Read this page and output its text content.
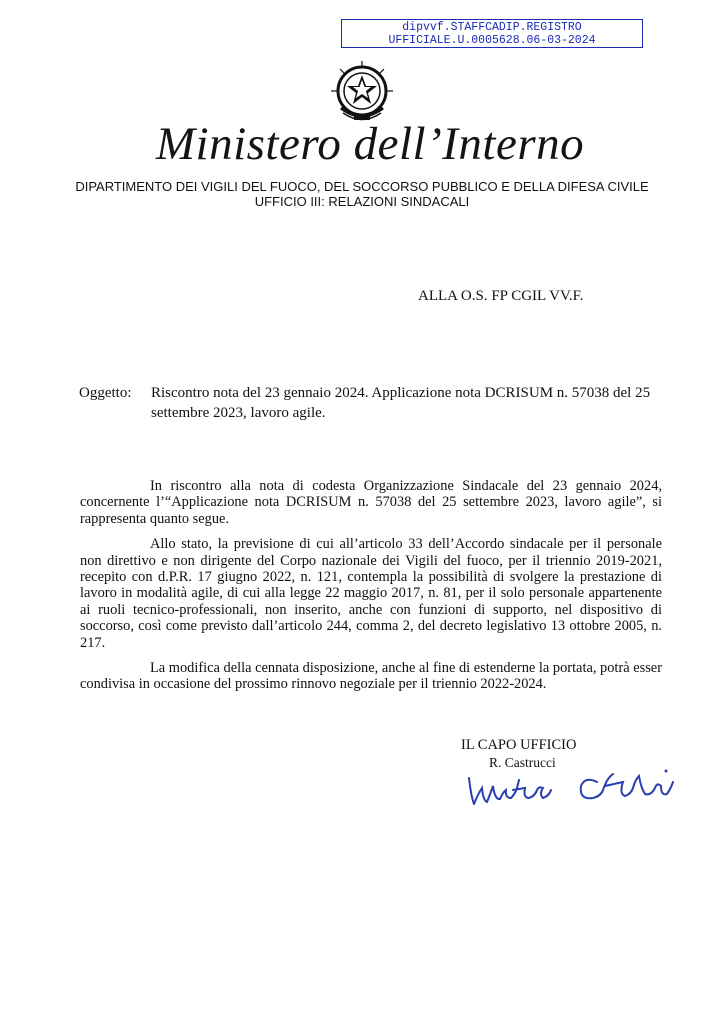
dipvvf.STAFFCADIP.REGISTRO
UFFICIALE.U.0005628.06-03-2024
Ministero dell’Interno
DIPARTIMENTO DEI VIGILI DEL FUOCO, DEL SOCCORSO PUBBLICO E DELLA DIFESA CIVILE
UFFICIO III: RELAZIONI SINDACALI
ALLA O.S. FP CGIL VV.F.
Oggetto: Riscontro nota del 23 gennaio 2024. Applicazione nota DCRISUM n. 57038 del 25 settembre 2023, lavoro agile.

In riscontro alla nota di codesta Organizzazione Sindacale del 23 gennaio 2024, concernente l’“Applicazione nota DCRISUM n. 57038 del 25 settembre 2023, lavoro agile”, si rappresenta quanto segue.

Allo stato, la previsione di cui all’articolo 33 dell’Accordo sindacale per il personale non direttivo e non dirigente del Corpo nazionale dei Vigili del fuoco, per il triennio 2019-2021, recepito con d.P.R. 17 giugno 2022, n. 121, contempla la possibilità di svolgere la prestazione di lavoro in modalità agile, di cui alla legge 22 maggio 2017, n. 81, per il solo personale appartenente ai ruoli tecnico-professionali, non inserito, anche con funzioni di supporto, nel dispositivo di soccorso, così come previsto dall’articolo 244, comma 2, del decreto legislativo 13 ottobre 2005, n. 217.

La modifica della cennata disposizione, anche al fine di estenderne la portata, potrà esser condivisa in occasione del prossimo rinnovo negoziale per il triennio 2022-2024.

IL CAPO UFFICIO
R. Castrucci
